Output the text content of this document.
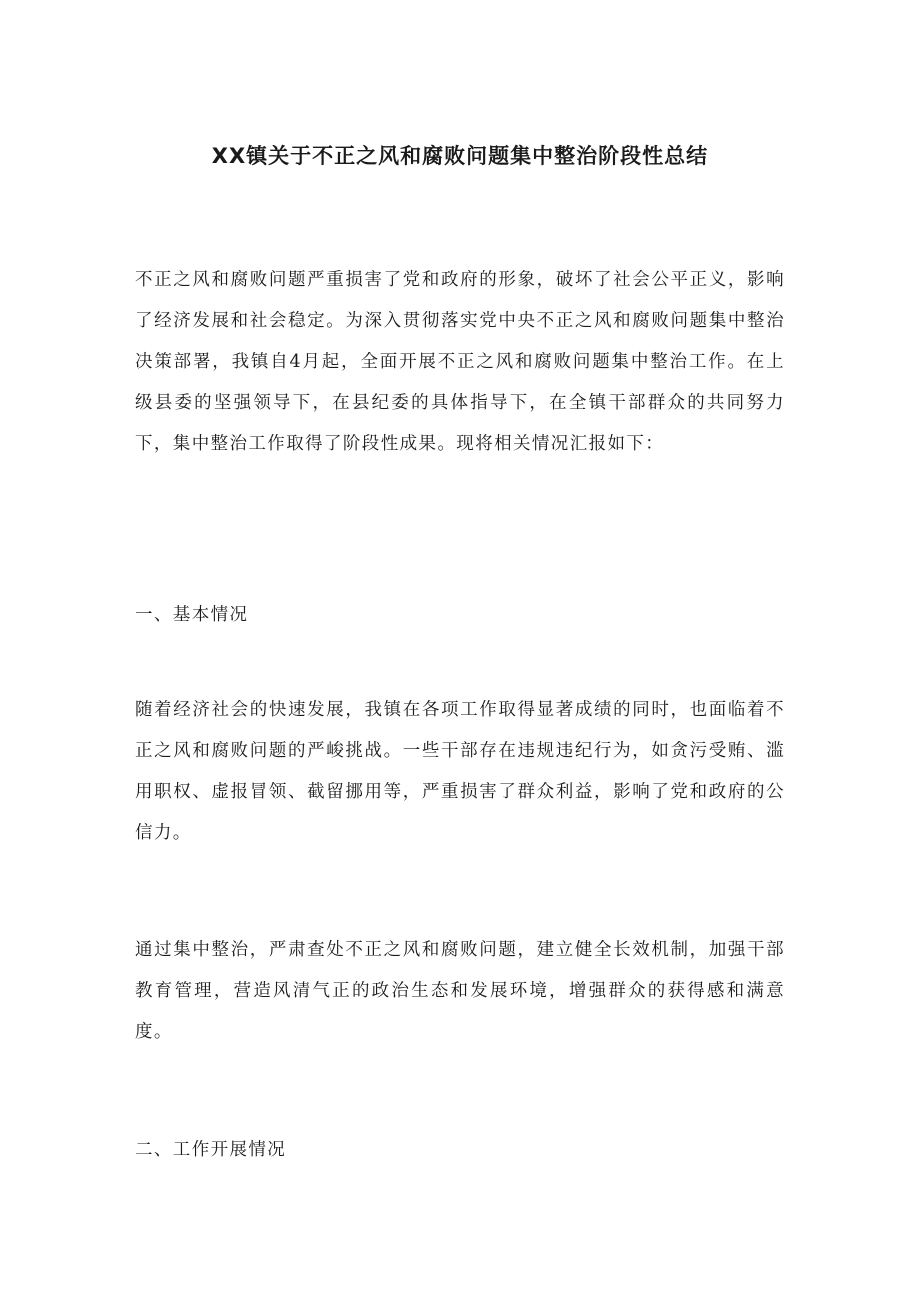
XX镇关于不正之风和腐败问题集中整治阶段性总结

不正之风和腐败问题严重损害了党和政府的形象，破坏了社会公平正义，影响了经济发展和社会稳定。为深入贯彻落实党中央不正之风和腐败问题集中整治决策部署，我镇自4月起，全面开展不正之风和腐败问题集中整治工作。在上级县委的坚强领导下，在县纪委的具体指导下，在全镇干部群众的共同努力下，集中整治工作取得了阶段性成果。现将相关情况汇报如下：

一、基本情况

随着经济社会的快速发展，我镇在各项工作取得显著成绩的同时，也面临着不正之风和腐败问题的严峻挑战。一些干部存在违规违纪行为，如贪污受贿、滥用职权、虚报冒领、截留挪用等，严重损害了群众利益，影响了党和政府的公信力。

通过集中整治，严肃查处不正之风和腐败问题，建立健全长效机制，加强干部教育管理，营造风清气正的政治生态和发展环境，增强群众的获得感和满意度。

二、工作开展情况
